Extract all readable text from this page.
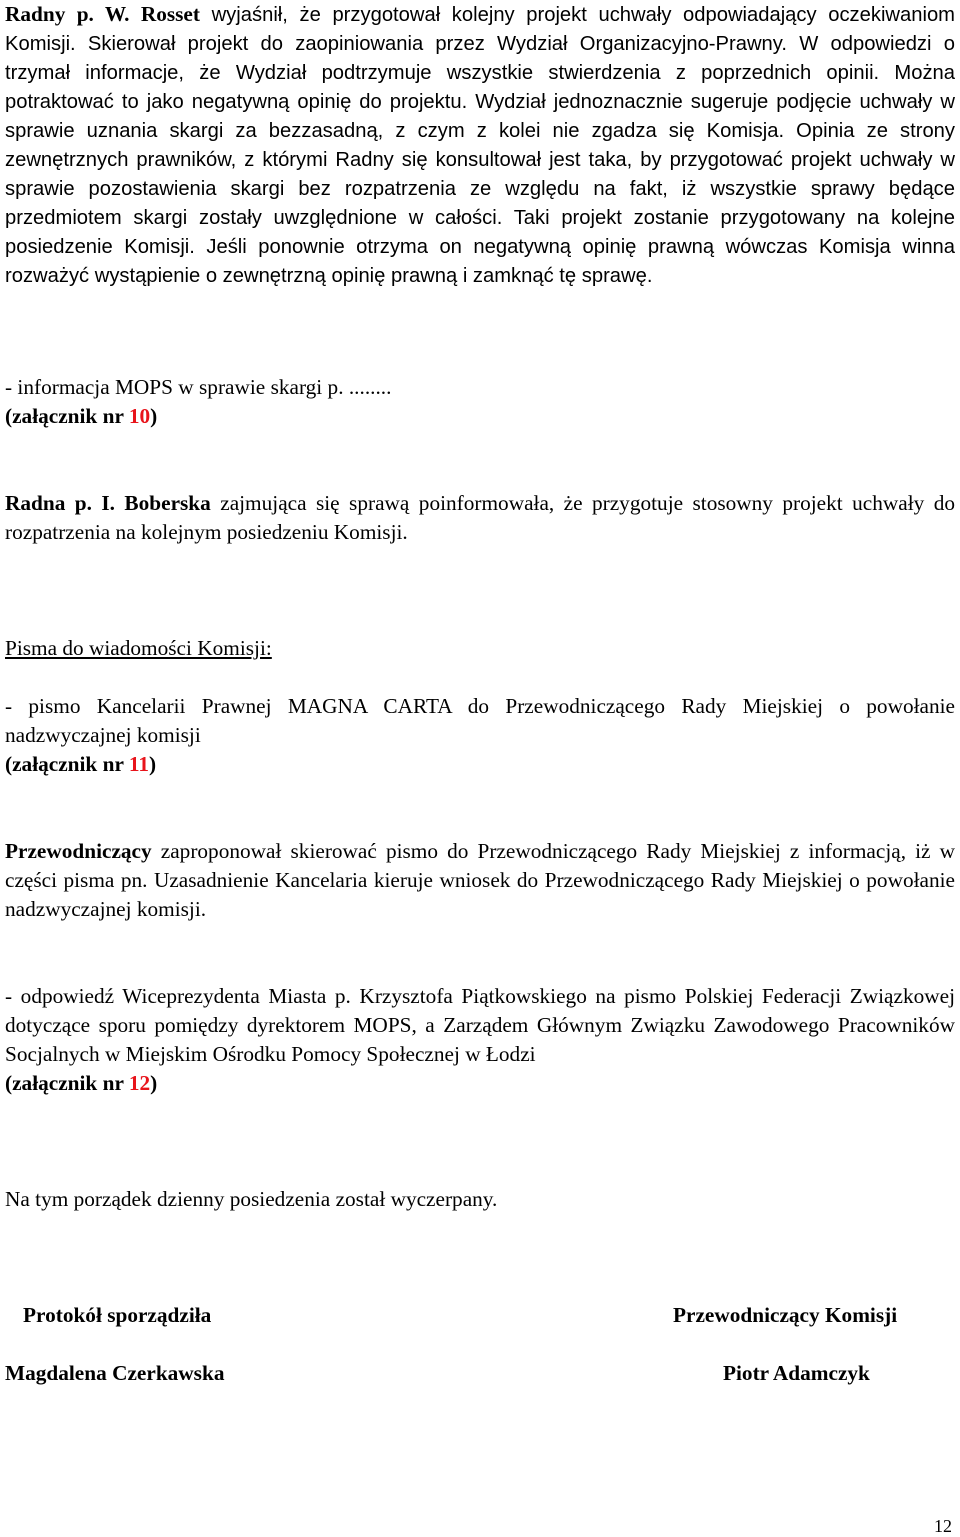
Radny p. W. Rosset wyjaśnił, że przygotował kolejny projekt uchwały odpowiadający oczekiwaniom Komisji. Skierował projekt do zaopiniowania przez Wydział Organizacyjno-Prawny. W odpowiedzi o trzymał informacje, że Wydział podtrzymuje wszystkie stwierdzenia z poprzednich opinii. Można potraktować to jako negatywną opinię do projektu. Wydział jednoznacznie sugeruje podjęcie uchwały w sprawie uznania skargi za bezzasadną, z czym z kolei nie zgadza się Komisja. Opinia ze strony zewnętrznych prawników, z którymi Radny się konsultował jest taka, by przygotować projekt uchwały w sprawie pozostawienia skargi bez rozpatrzenia ze względu na fakt, iż wszystkie sprawy będące przedmiotem skargi zostały uwzględnione w całości. Taki projekt zostanie przygotowany na kolejne posiedzenie Komisji. Jeśli ponownie otrzyma on negatywną opinię prawną wówczas Komisja winna rozważyć wystąpienie o zewnętrzną opinię prawną i zamknąć tę sprawę.

- informacja MOPS w sprawie skargi p. ........

(załącznik nr 10)

Radna p. I. Boberska zajmująca się sprawą poinformowała, że przygotuje stosowny projekt uchwały do rozpatrzenia na kolejnym posiedzeniu Komisji.

Pisma do wiadomości Komisji:

- pismo Kancelarii Prawnej MAGNA CARTA do Przewodniczącego Rady Miejskiej o powołanie nadzwyczajnej komisji

(załącznik nr 11)

Przewodniczący zaproponował skierować pismo do Przewodniczącego Rady Miejskiej z informacją, iż w części pisma pn. Uzasadnienie Kancelaria kieruje wniosek do Przewodniczącego Rady Miejskiej o powołanie nadzwyczajnej komisji.

- odpowiedź Wiceprezydenta Miasta p. Krzysztofa Piątkowskiego na pismo Polskiej Federacji Związkowej dotyczące sporu pomiędzy dyrektorem MOPS, a Zarządem Głównym Związku Zawodowego Pracowników Socjalnych w Miejskim Ośrodku Pomocy Społecznej w Łodzi

(załącznik nr 12)

Na tym porządek dzienny posiedzenia został wyczerpany.

Protokół sporządziła

Magdalena Czerkawska

Przewodniczący Komisji

Piotr Adamczyk

12
